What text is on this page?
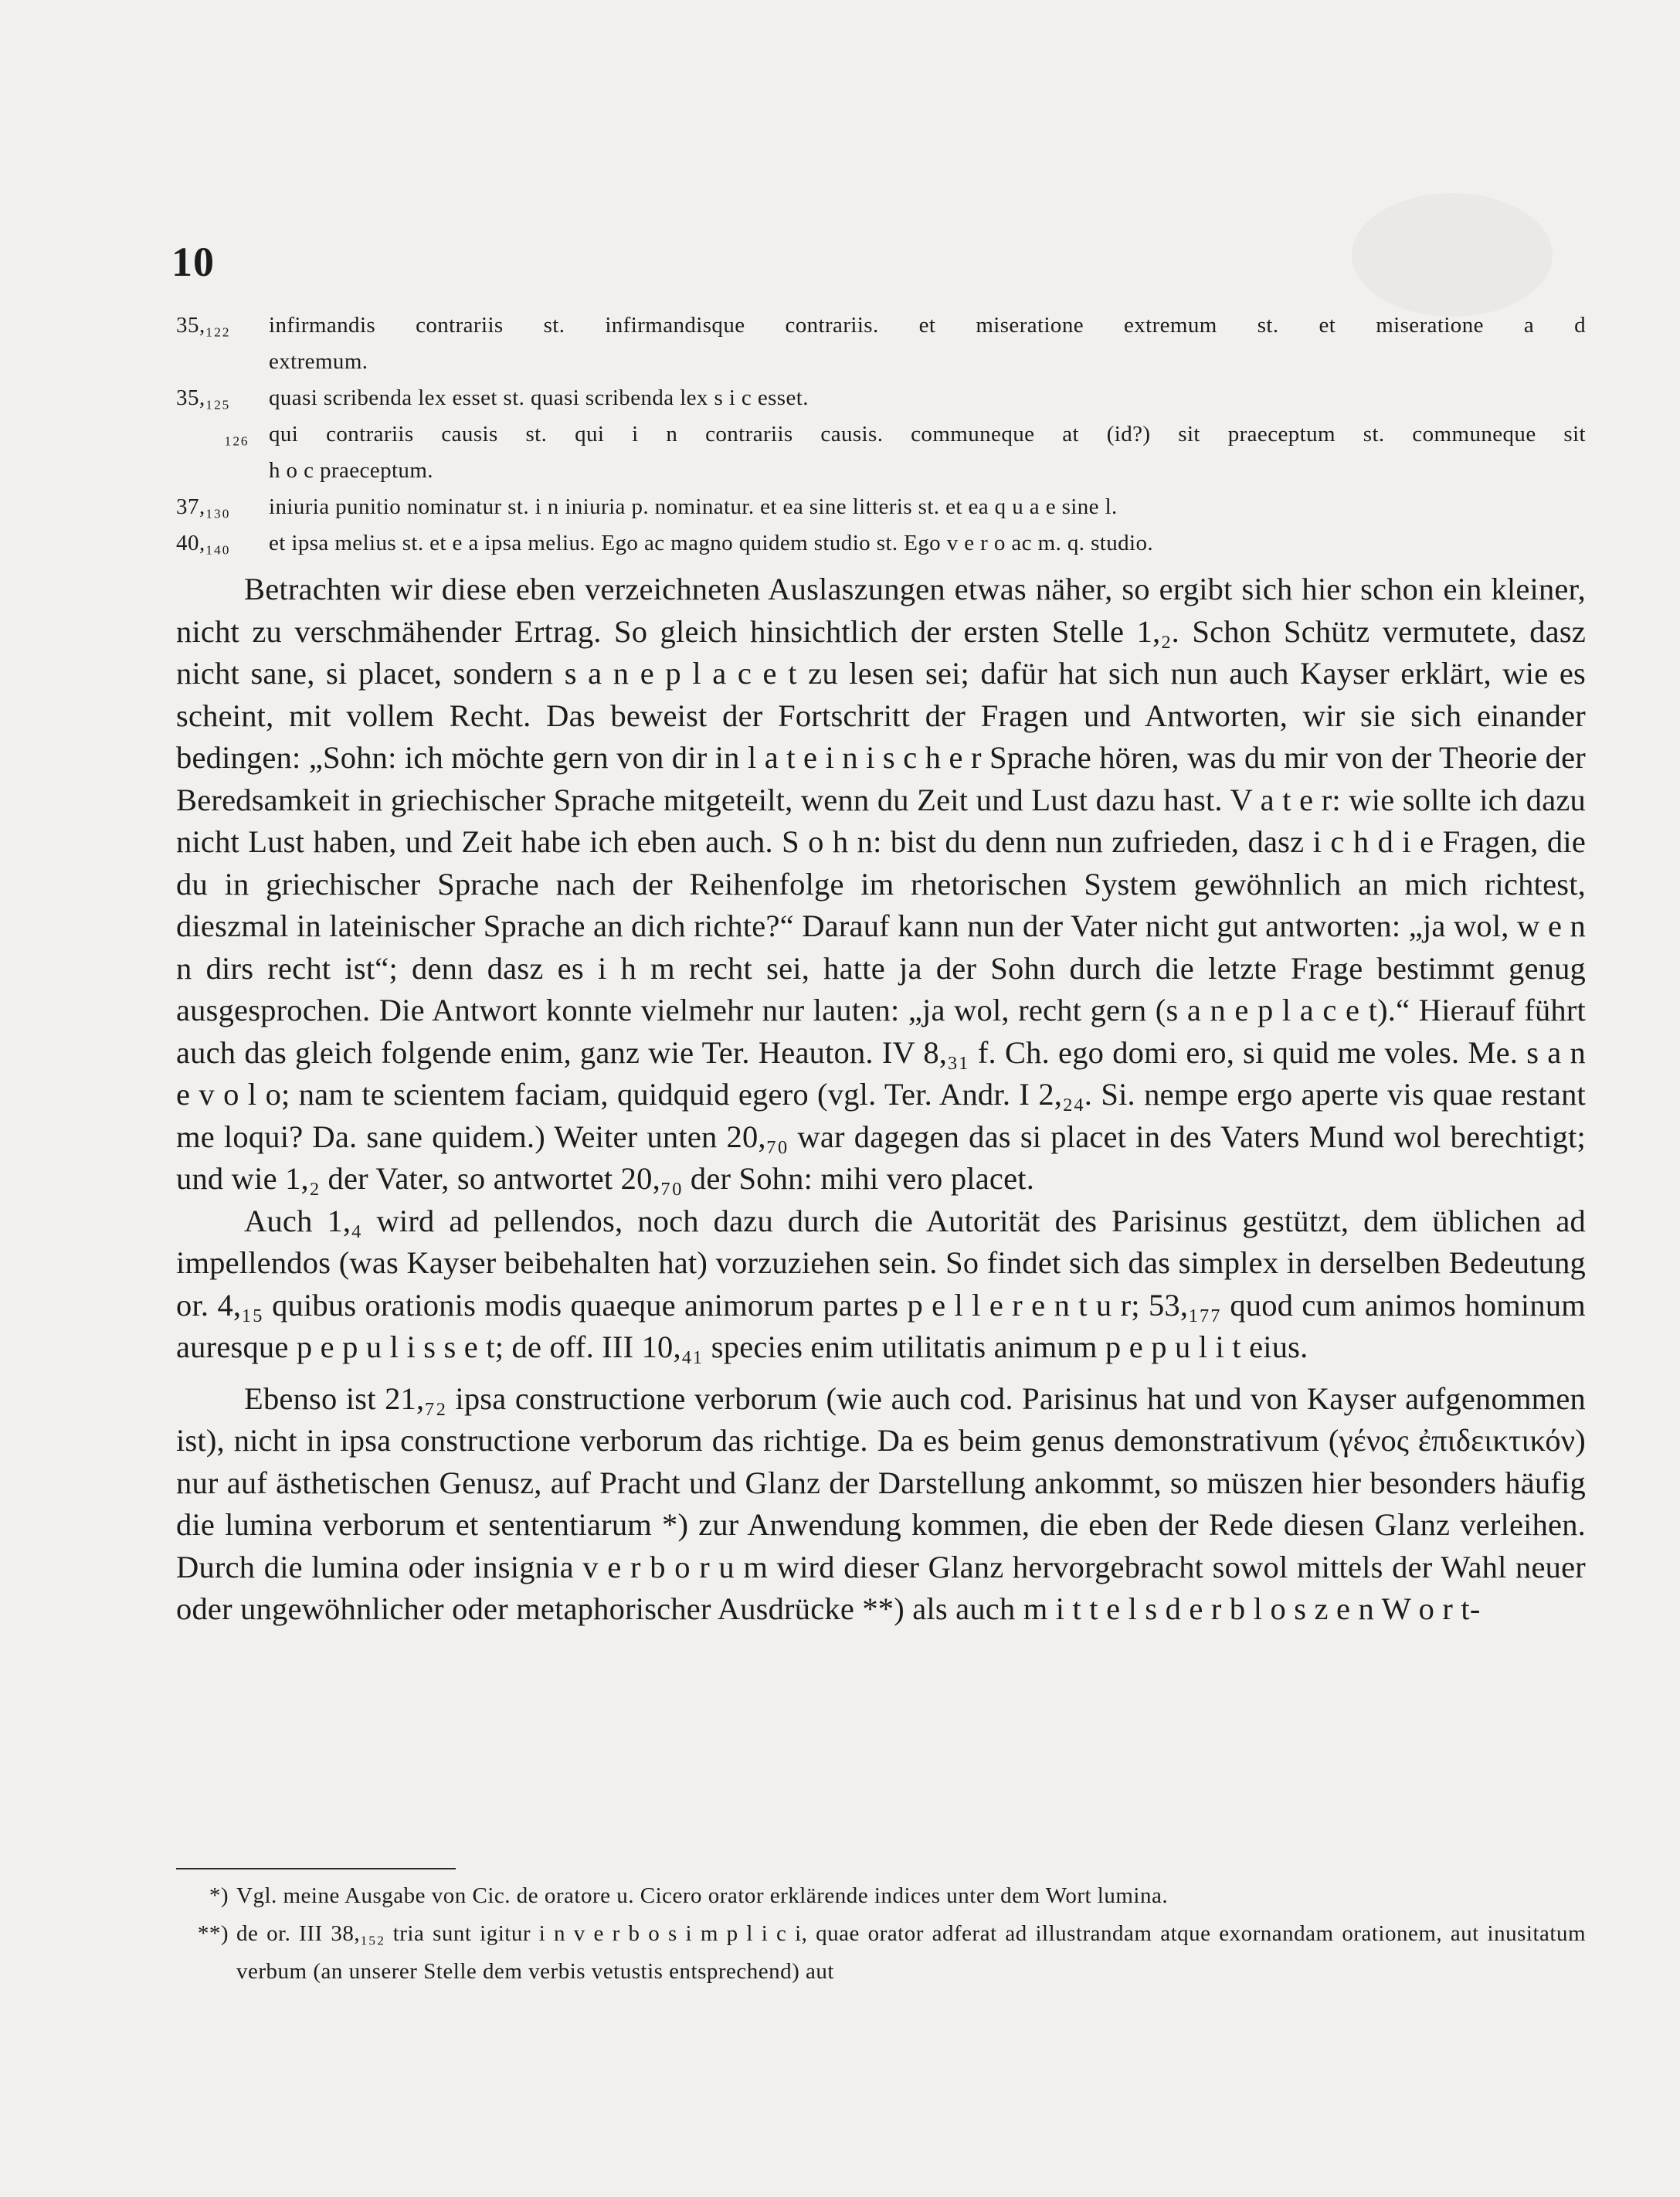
10
35,₁₂₂	infirmandis contrariis st. infirmandisque contrariis. et miseratione extremum st. et miseratione a d
extremum.
35,₁₂₅	quasi scribenda lex esset st. quasi scribenda lex s i c esset.
₁₂₆ qui contrariis causis st. qui i n contrariis causis. communeque at (id?) sit praeceptum st. communeque sit
h o c praeceptum.
37,₁₃₀	iniuria punitio nominatur st. i n iniuria p. nominatur. et ea sine litteris st. et ea q u a e sine l.
40,₁₄₀	et ipsa melius st. et e a ipsa melius. Ego ac magno quidem studio st. Ego v e r o ac m. q. studio.

Betrachten wir diese eben verzeichneten Auslaszungen etwas näher, so ergibt sich hier schon ein kleiner, nicht zu verschmähender Ertrag. So gleich hinsichtlich der ersten Stelle 1,₂. Schon Schütz vermutete, dasz nicht sane, si placet, sondern s a n e p l a c e t zu lesen sei; dafür hat sich nun auch Kayser erklärt, wie es scheint, mit vollem Recht. Das beweist der Fortschritt der Fragen und Antworten, wir sie sich einander bedingen: „Sohn: ich möchte gern von dir in l a t e i n i s c h e r Sprache hören, was du mir von der Theorie der Beredsamkeit in griechischer Sprache mitgeteilt, wenn du Zeit und Lust dazu hast. V a t e r: wie sollte ich dazu nicht Lust haben, und Zeit habe ich eben auch. S o h n: bist du denn nun zufrieden, dasz i c h d i e Fragen, die du in griechischer Sprache nach der Reihenfolge im rhetorischen System gewöhnlich an mich richtest, dieszmal in lateinischer Sprache an dich richte?“ Darauf kann nun der Vater nicht gut antworten: „ja wol, w e n n dirs recht ist“; denn dasz es i h m recht sei, hatte ja der Sohn durch die letzte Frage bestimmt genug ausgesprochen. Die Antwort konnte vielmehr nur lauten: „ja wol, recht gern (s a n e p l a c e t).“ Hierauf führt auch das gleich folgende enim, ganz wie Ter. Heauton. IV 8,₃₁ f. Ch. ego domi ero, si quid me voles. Me. s a n e v o l o; nam te scientem faciam, quidquid egero (vgl. Ter. Andr. I 2,₂₄. Si. nempe ergo aperte vis quae restant me loqui? Da. sane quidem.) Weiter unten 20,₇₀ war dagegen das si placet in des Vaters Mund wol berechtigt; und wie 1,₂ der Vater, so antwortet 20,₇₀ der Sohn: mihi vero placet.

Auch 1,₄ wird ad pellendos, noch dazu durch die Autorität des Parisinus gestützt, dem üblichen ad impellendos (was Kayser beibehalten hat) vorzuziehen sein. So findet sich das simplex in derselben Bedeutung or. 4,₁₅ quibus orationis modis quaeque animorum partes p e l l e r e n t u r; 53,₁₇₇ quod cum animos hominum auresque p e p u l i s s e t; de off. III 10,₄₁ species enim utilitatis animum p e p u l i t eius.

Ebenso ist 21,₇₂ ipsa constructione verborum (wie auch cod. Parisinus hat und von Kayser aufgenommen ist), nicht in ipsa constructione verborum das richtige. Da es beim genus demonstrativum (γένος ἐπιδεικτικόν) nur auf ästhetischen Genusz, auf Pracht und Glanz der Darstellung ankommt, so müszen hier besonders häufig die lumina verborum et sententiarum *) zur Anwendung kommen, die eben der Rede diesen Glanz verleihen. Durch die lumina oder insignia v e r b o r u m wird dieser Glanz hervorgebracht sowol mittels der Wahl neuer oder ungewöhnlicher oder metaphorischer Ausdrücke **) als auch m i t t e l s d e r b l o s z e n W o r t-

*) Vgl. meine Ausgabe von Cic. de oratore u. Cicero orator erklärende indices unter dem Wort lumina.

**) de or. III 38,₁₅₂ tria sunt igitur i n v e r b o s i m p l i c i, quae orator adferat ad illustrandam atque exornandam orationem, aut inusitatum verbum (an unserer Stelle dem verbis vetustis entsprechend) aut
